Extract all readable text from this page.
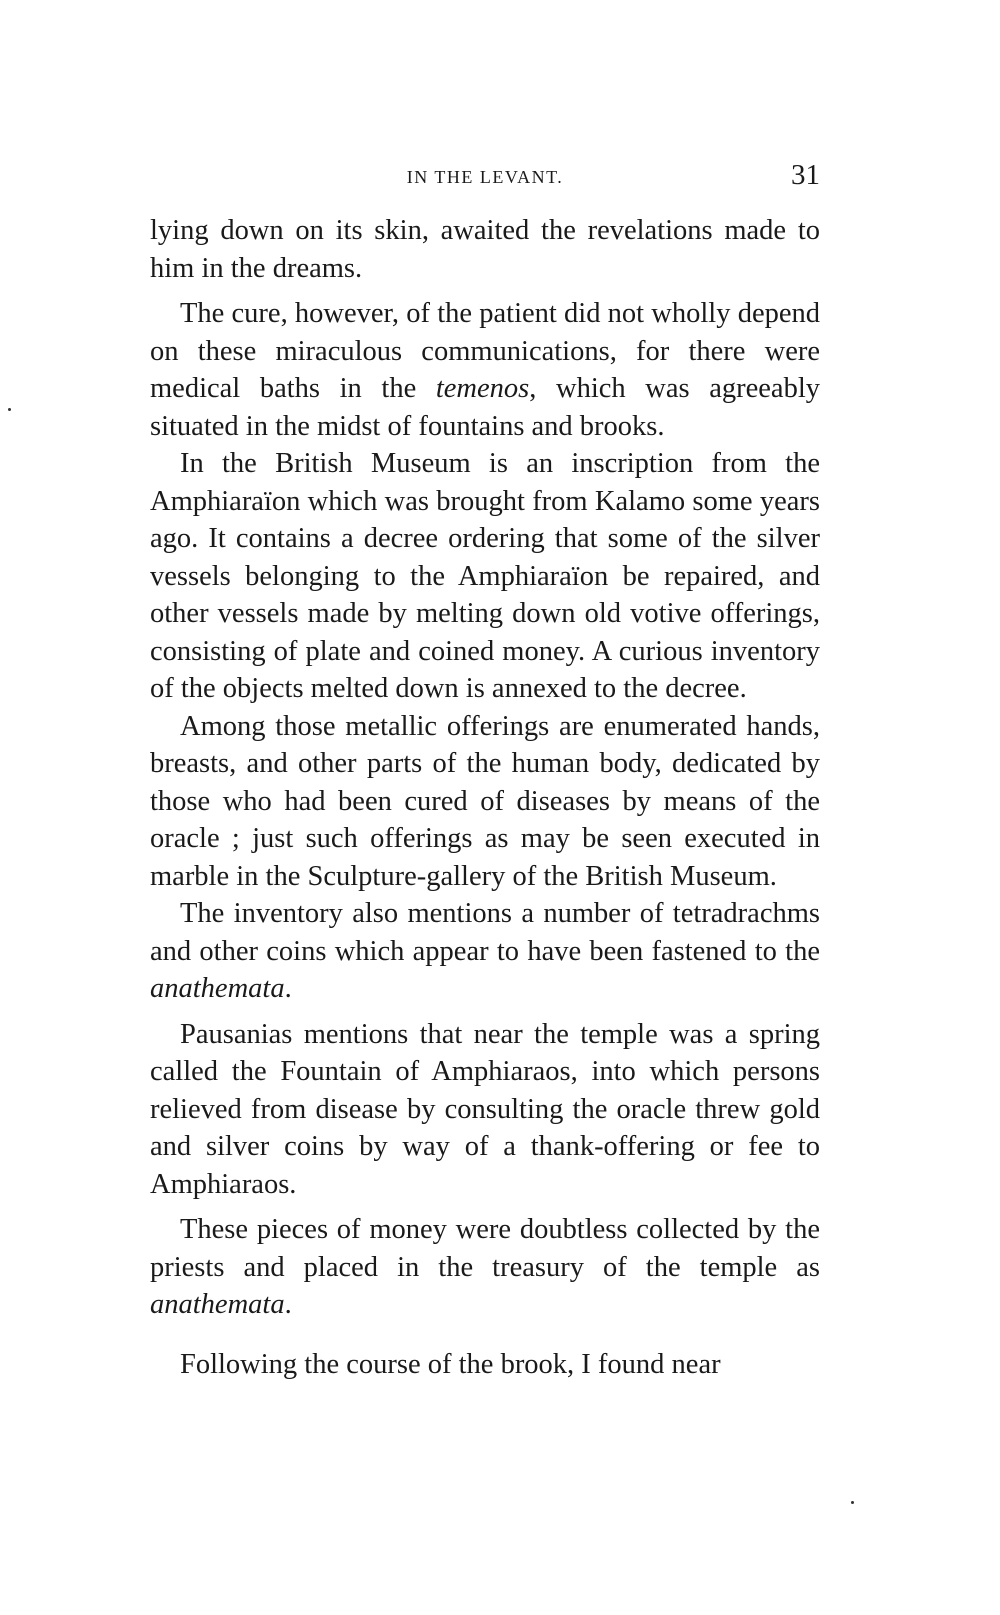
IN THE LEVANT.	31

lying down on its skin, awaited the revelations made to him in the dreams.

The cure, however, of the patient did not wholly depend on these miraculous communications, for there were medical baths in the temenos, which was agreeably situated in the midst of fountains and brooks.

In the British Museum is an inscription from the Amphiaraïon which was brought from Kalamo some years ago. It contains a decree ordering that some of the silver vessels belonging to the Amphiaraïon be repaired, and other vessels made by melting down old votive offerings, consisting of plate and coined money. A curious inventory of the objects melted down is annexed to the decree.

Among those metallic offerings are enumerated hands, breasts, and other parts of the human body, dedicated by those who had been cured of diseases by means of the oracle ; just such offerings as may be seen executed in marble in the Sculpture-gallery of the British Museum.

The inventory also mentions a number of tetradrachms and other coins which appear to have been fastened to the anathemata.

Pausanias mentions that near the temple was a spring called the Fountain of Amphiaraos, into which persons relieved from disease by consulting the oracle threw gold and silver coins by way of a thank-offering or fee to Amphiaraos.

These pieces of money were doubtless collected by the priests and placed in the treasury of the temple as anathemata.

Following the course of the brook, I found near
